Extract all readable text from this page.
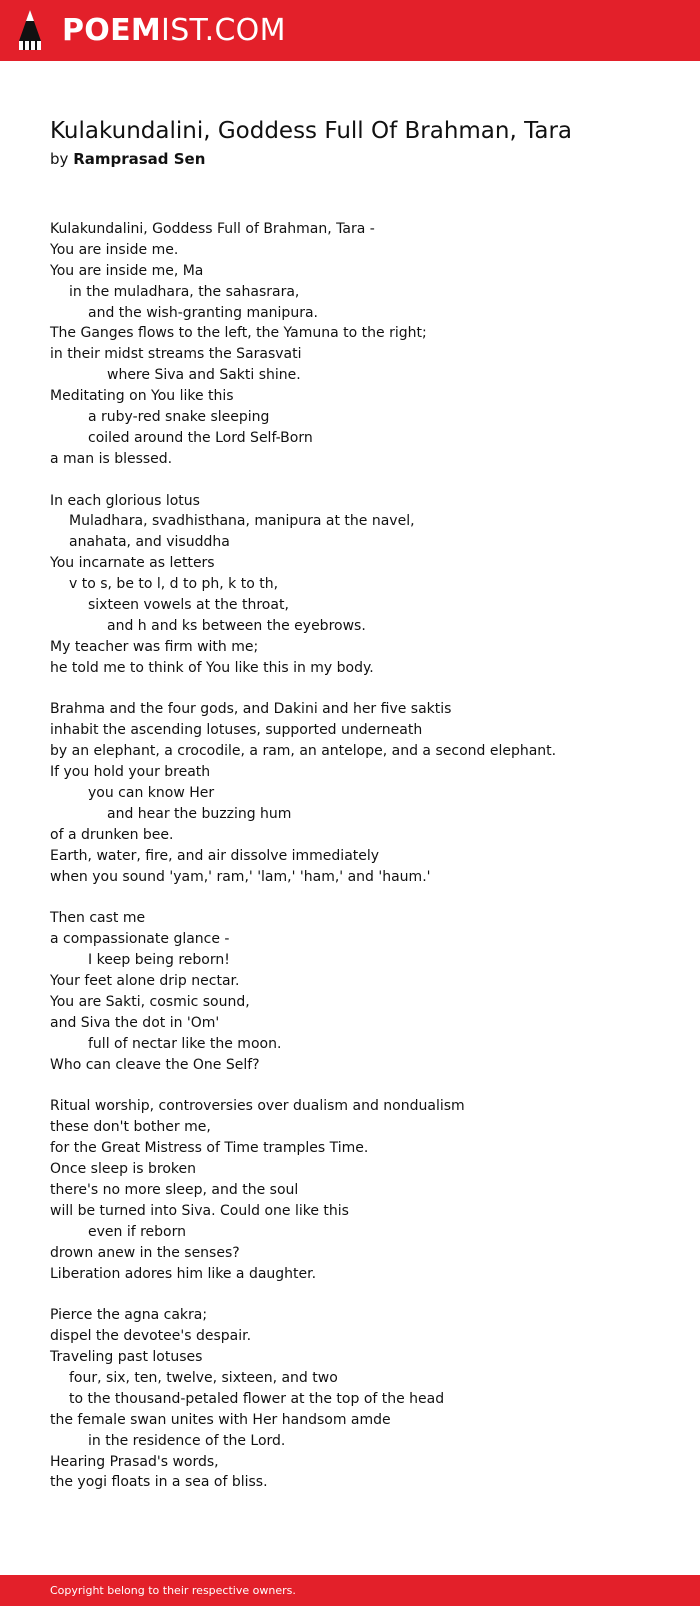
POEMIST.COM
Kulakundalini, Goddess Full Of Brahman, Tara
by Ramprasad Sen
Kulakundalini, Goddess Full of Brahman, Tara -
You are inside me.
You are inside me, Ma
in the muladhara, the sahasrara,
and the wish-granting manipura.
The Ganges flows to the left, the Yamuna to the right;
in their midst streams the Sarasvati
where Siva and Sakti shine.
Meditating on You like this
a ruby-red snake sleeping
coiled around the Lord Self-Born
a man is blessed.
In each glorious lotus
Muladhara, svadhisthana, manipura at the navel,
anahata, and visuddha
You incarnate as letters
v to s, be to l, d to ph, k to th,
sixteen vowels at the throat,
and h and ks between the eyebrows.
My teacher was firm with me;
he told me to think of You like this in my body.
Brahma and the four gods, and Dakini and her five saktis
inhabit the ascending lotuses, supported underneath
by an elephant, a crocodile, a ram, an antelope, and a second elephant.
If you hold your breath
you can know Her
and hear the buzzing hum
of a drunken bee.
Earth, water, fire, and air dissolve immediately
when you sound 'yam,' ram,' 'lam,' 'ham,' and 'haum.'
Then cast me
a compassionate glance -
I keep being reborn!
Your feet alone drip nectar.
You are Sakti, cosmic sound,
and Siva the dot in 'Om'
full of nectar like the moon.
Who can cleave the One Self?
Ritual worship, controversies over dualism and nondualism
these don't bother me,
for the Great Mistress of Time tramples Time.
Once sleep is broken
there's no more sleep, and the soul
will be turned into Siva. Could one like this
even if reborn
drown anew in the senses?
Liberation adores him like a daughter.
Pierce the agna cakra;
dispel the devotee's despair.
Traveling past lotuses
four, six, ten, twelve, sixteen, and two
to the thousand-petaled flower at the top of the head
the female swan unites with Her handsom amde
in the residence of the Lord.
Hearing Prasad's words,
the yogi floats in a sea of bliss.
Copyright belong to their respective owners.
